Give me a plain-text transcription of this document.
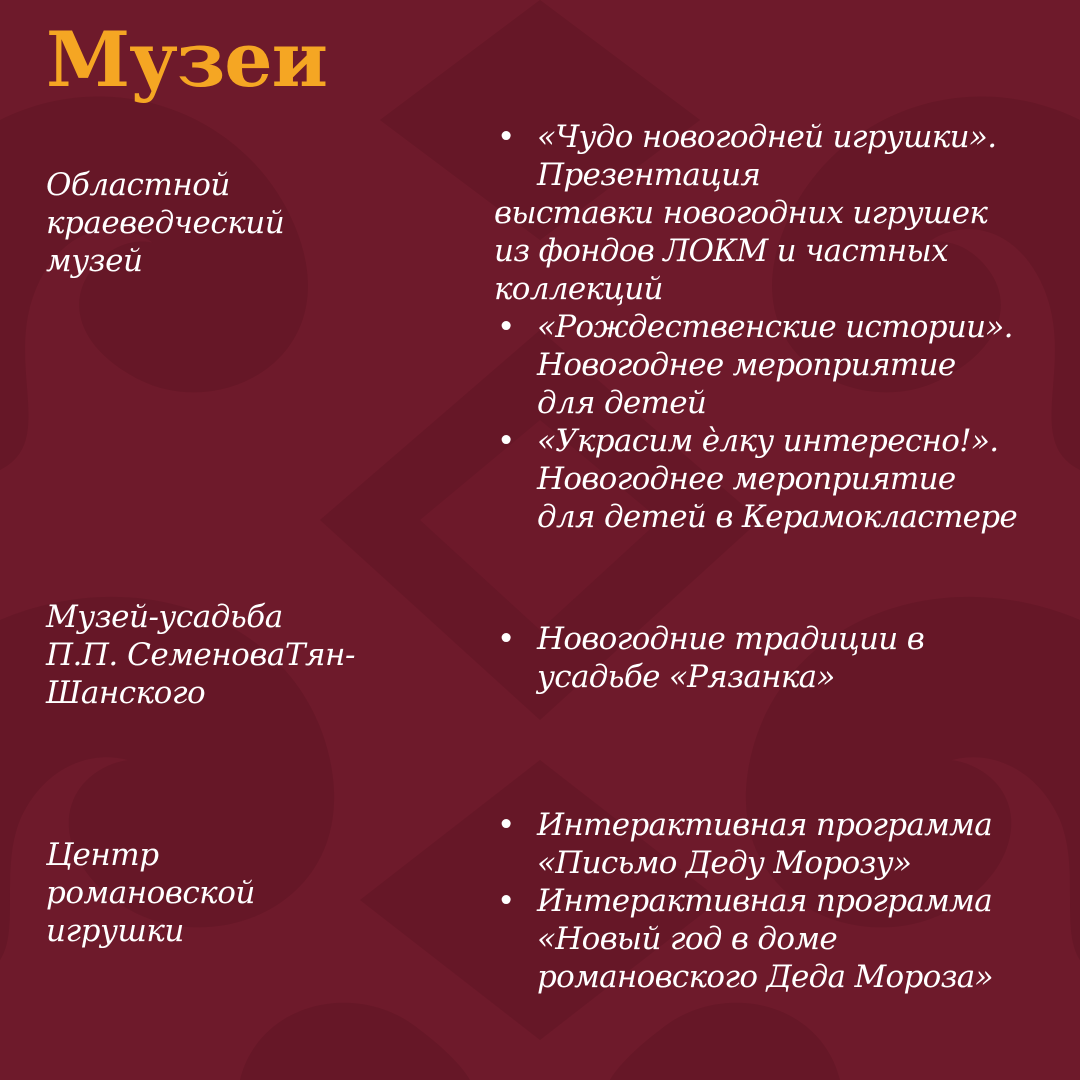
Музеи
Областной
краеведческий
музей
Музей-усадьба
П.П. СеменоваТян-
Шанского
Центр
романовской
игрушки
• «Чудо новогодней игрушки».
Презентация
выставки новогодних игрушек
из фондов ЛОКМ и частных
коллекций
• «Рождественские истории».
Новогоднее мероприятие
для детей
• «Украсим ѐлку интересно!».
Новогоднее мероприятие
для детей в Керамокластере
• Новогодние традиции в
усадьбе «Рязанка»
• Интерактивная программа
«Письмо Деду Морозу»
• Интерактивная программа
«Новый год в доме
романовского Деда Мороза»
